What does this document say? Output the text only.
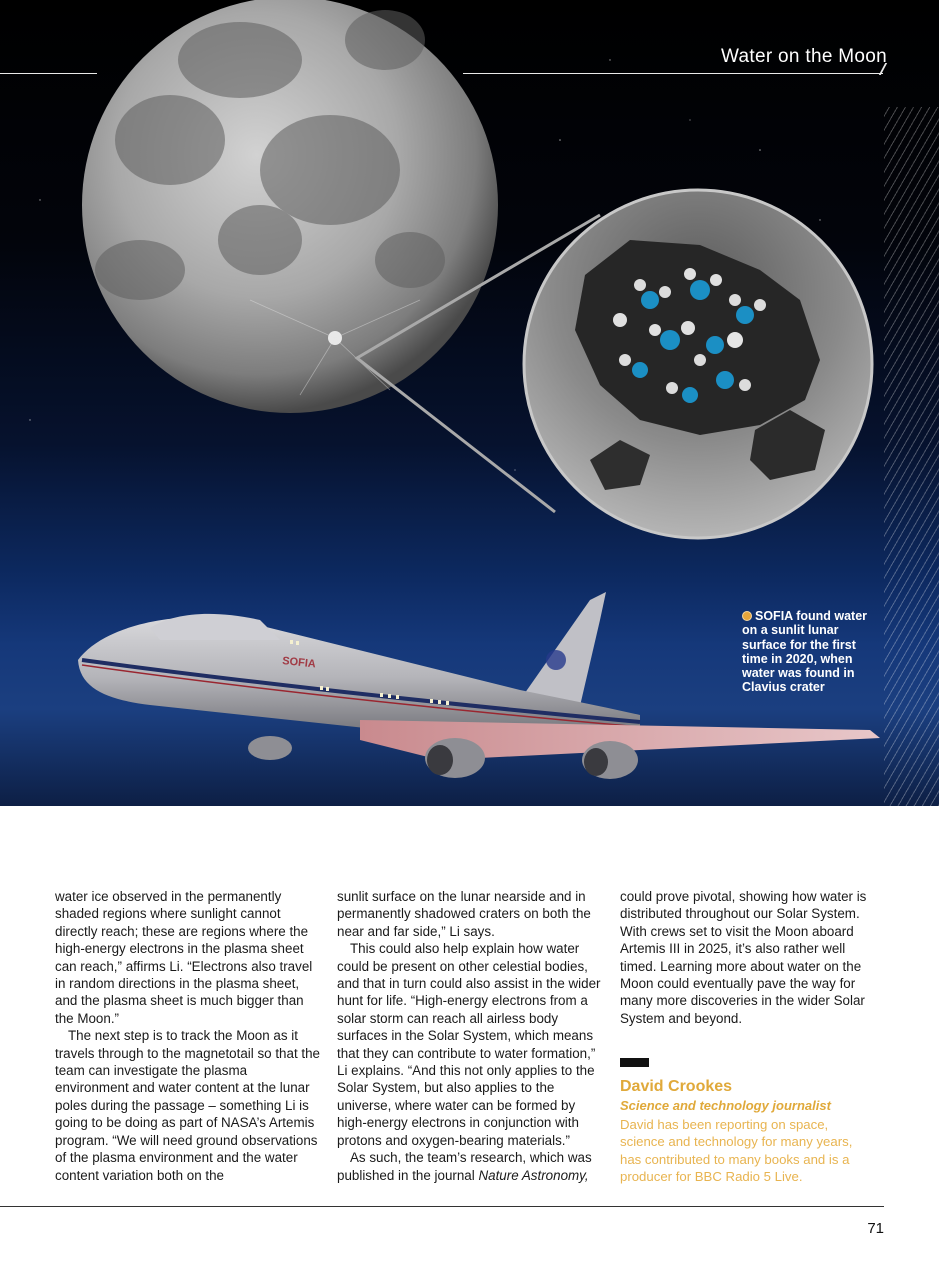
SOFIA
Water on the Moon
SOFIA found water on a sunlit lunar surface for the first time in 2020, when water was found in Clavius crater

water ice observed in the permanently shaded regions where sunlight cannot directly reach; these are regions where the high-energy electrons in the plasma sheet can reach,” affirms Li. “Electrons also travel in random directions in the plasma sheet, and the plasma sheet is much bigger than the Moon.”

The next step is to track the Moon as it travels through to the magnetotail so that the team can investigate the plasma environment and water content at the lunar poles during the passage – something Li is going to be doing as part of NASA’s Artemis program. “We will need ground observations of the plasma environment and the water content variation both on the

sunlit surface on the lunar nearside and in permanently shadowed craters on both the near and far side,” Li says.

This could also help explain how water could be present on other celestial bodies, and that in turn could also assist in the wider hunt for life. “High-energy electrons from a solar storm can reach all airless body surfaces in the Solar System, which means that they can contribute to water formation,” Li explains. “And this not only applies to the Solar System, but also applies to the universe, where water can be formed by high-energy electrons in conjunction with protons and oxygen-bearing materials.”

As such, the team’s research, which was published in the journal Nature Astronomy,

could prove pivotal, showing how water is distributed throughout our Solar System. With crews set to visit the Moon aboard Artemis III in 2025, it’s also rather well timed. Learning more about water on the Moon could eventually pave the way for many more discoveries in the wider Solar System and beyond.

David Crookes
Science and technology journalist
David has been reporting on space, science and technology for many years, has contributed to many books and is a producer for BBC Radio 5 Live.
71
